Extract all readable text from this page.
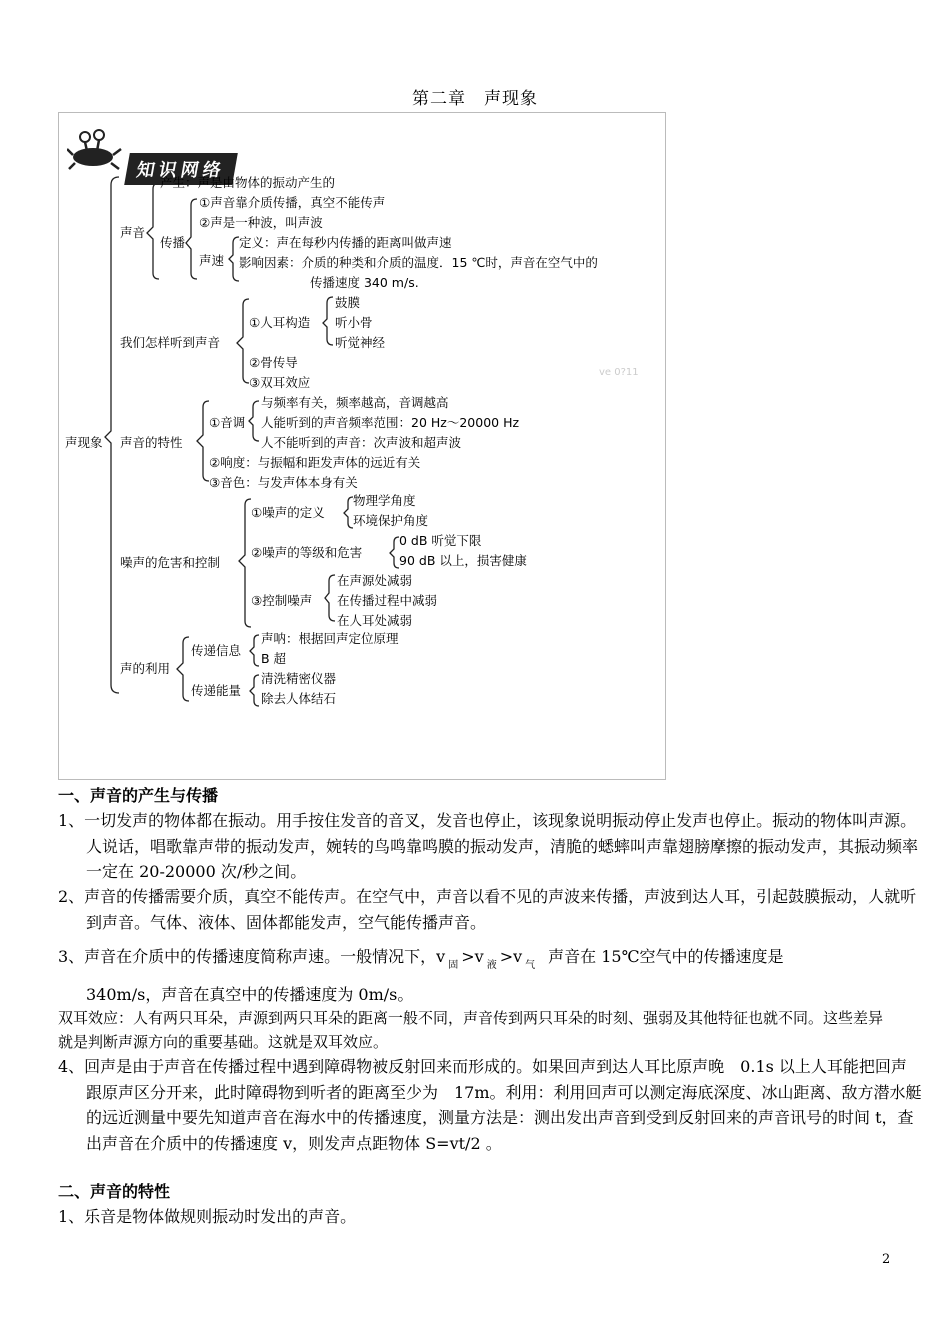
第二章　声现象
知识网络
ve 0?11
声现象
声音
产生：声是由物体的振动产生的
传播
①声音靠介质传播，真空不能传声
②声是一种波，叫声波
声速
定义：声在每秒内传播的距离叫做声速
影响因素：介质的种类和介质的温度．15 ℃时，声音在空气中的
传播速度 340 m/s.
我们怎样听到声音
①人耳构造
鼓膜
听小骨
听觉神经
②骨传导
③双耳效应
声音的特性
①音调
与频率有关，频率越高，音调越高
人能听到的声音频率范围：20 Hz～20000 Hz
人不能听到的声音：次声波和超声波
②响度：与振幅和距发声体的远近有关
③音色：与发声体本身有关
噪声的危害和控制
①噪声的定义
物理学角度
环境保护角度
②噪声的等级和危害
0 dB 听觉下限
90 dB 以上，损害健康
③控制噪声
在声源处减弱
在传播过程中减弱
在人耳处减弱
声的利用
传递信息
声呐：根据回声定位原理
B 超
传递能量
清洗精密仪器
除去人体结石
一、声音的产生与传播
1、一切发声的物体都在振动。用手按住发音的音叉，发音也停止，该现象说明振动停止发声也停止。振动的物体叫声源。人说话，唱歌靠声带的振动发声，婉转的鸟鸣靠鸣膜的振动发声，清脆的蟋蟀叫声靠翅膀摩擦的振动发声，其振动频率一定在 20-20000 次/秒之间。
2、声音的传播需要介质，真空不能传声。在空气中，声音以看不见的声波来传播，声波到达人耳，引起鼓膜振动，人就听到声音。气体、液体、固体都能发声，空气能传播声音。
3、声音在介质中的传播速度简称声速。一般情况下，v $_固$ >v $_液$ >v $_气$ 声音在 15℃空气中的传播速度是
340m/s，声音在真空中的传播速度为 0m/s。
双耳效应：人有两只耳朵，声源到两只耳朵的距离一般不同，声音传到两只耳朵的时刻、强弱及其他特征也就不同。这些差异就是判断声源方向的重要基础。这就是双耳效应。
4、回声是由于声音在传播过程中遇到障碍物被反射回来而形成的。如果回声到达人耳比原声晚　0.1s 以上人耳能把回声跟原声区分开来，此时障碍物到听者的距离至少为　17m。利用：利用回声可以测定海底深度、冰山距离、敌方潜水艇的远近测量中要先知道声音在海水中的传播速度，测量方法是：测出发出声音到受到反射回来的声音讯号的时间 t，查出声音在介质中的传播速度 v，则发声点距物体 S=vt/2 。
二、声音的特性
1、乐音是物体做规则振动时发出的声音。
2
